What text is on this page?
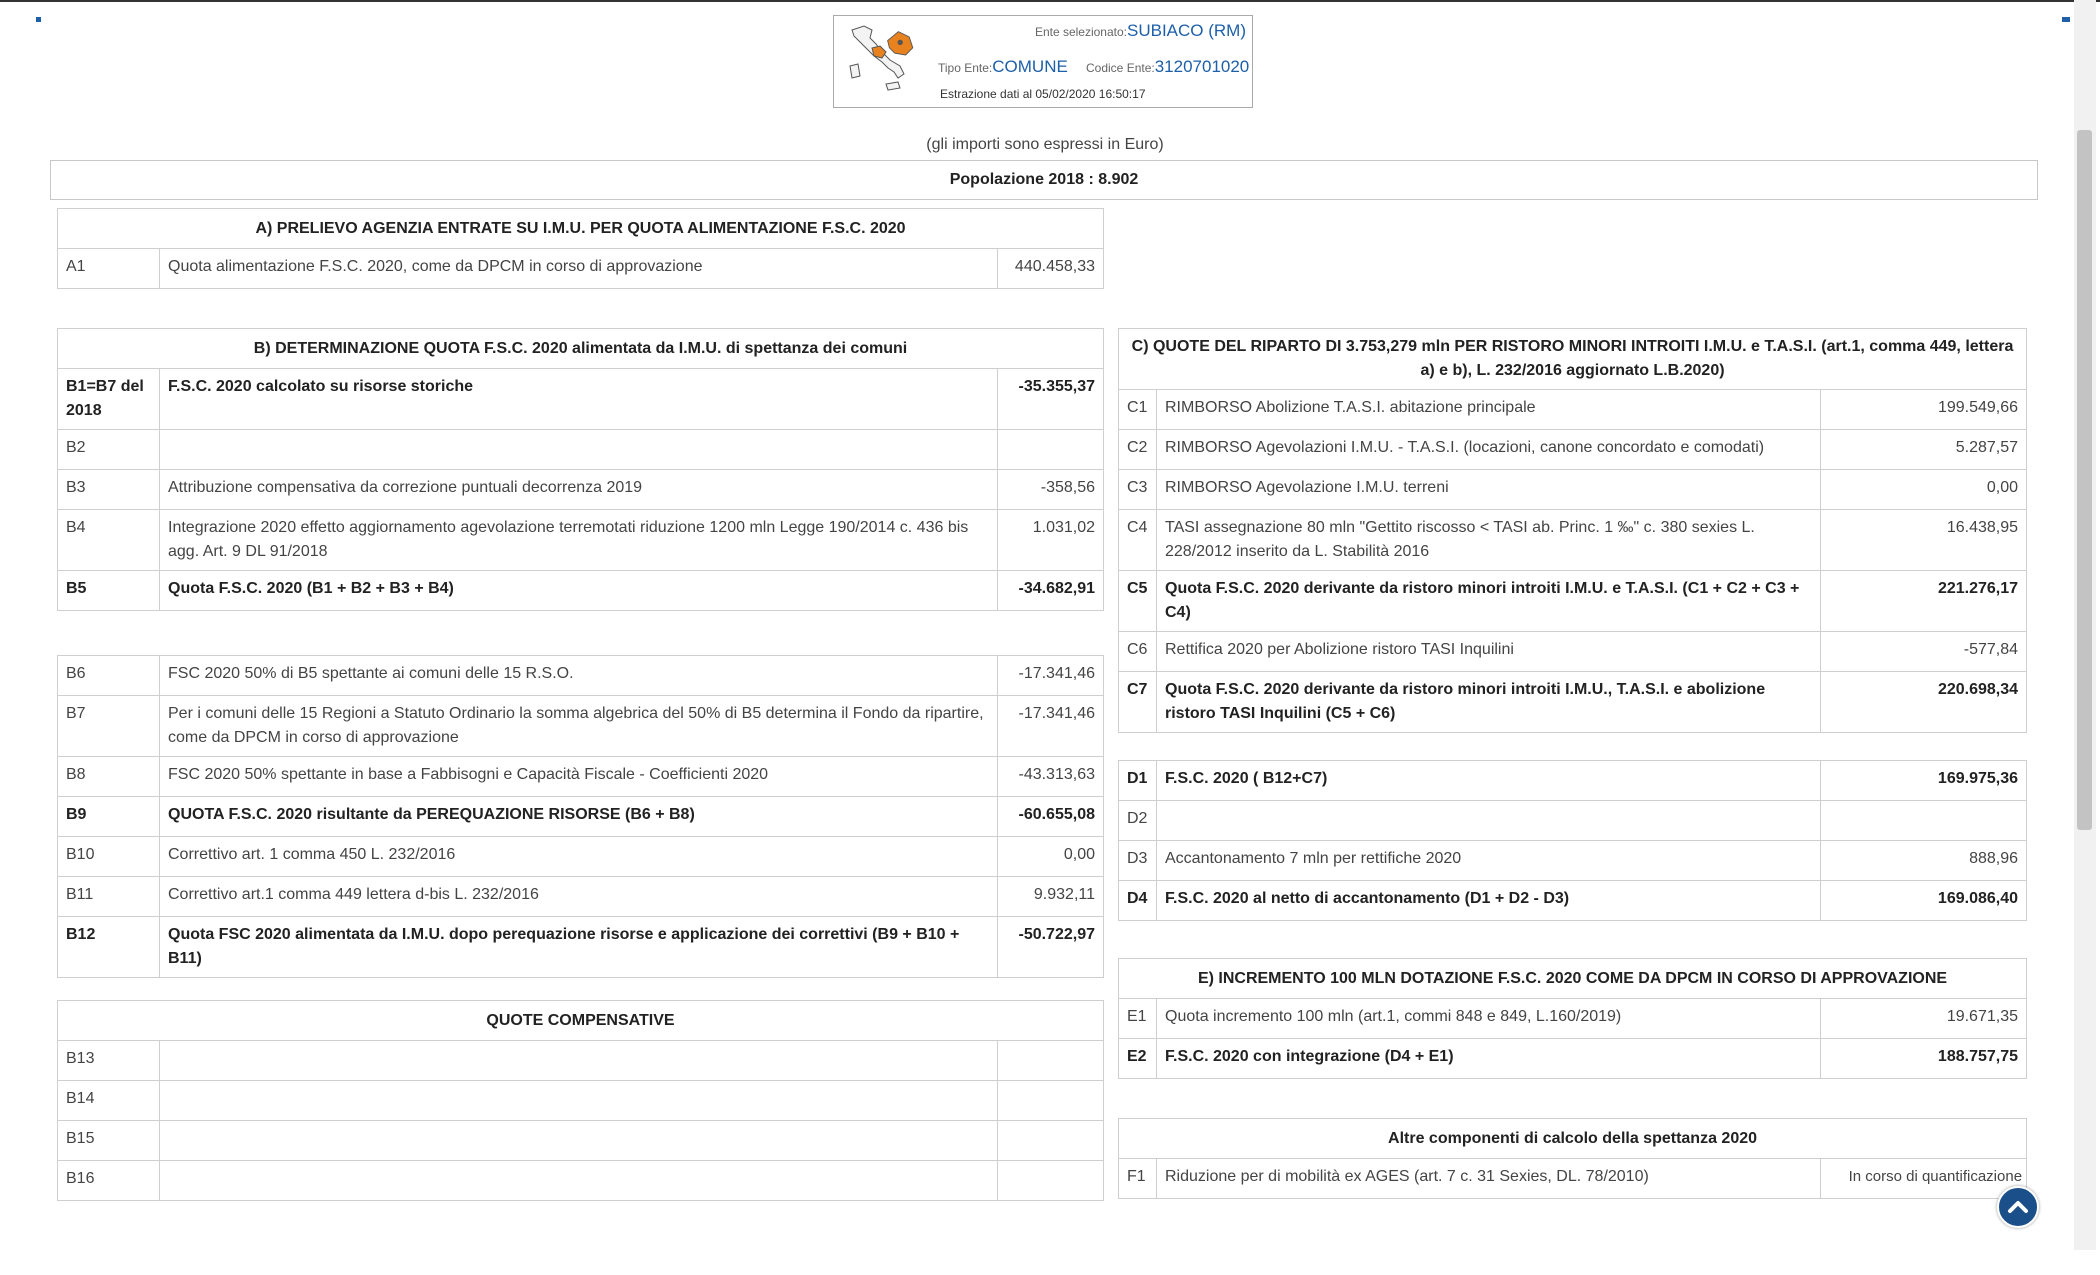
Ente selezionato:SUBIACO (RM)
Tipo Ente:COMUNE Codice Ente:3120701020
Estrazione dati al 05/02/2020 16:50:17
(gli importi sono espressi in Euro)
Popolazione 2018 : 8.902
A) PRELIEVO AGENZIA ENTRATE SU I.M.U. PER QUOTA ALIMENTAZIONE F.S.C. 2020
A1	Quota alimentazione F.S.C. 2020, come da DPCM in corso di approvazione	440.458,33
B) DETERMINAZIONE QUOTA F.S.C. 2020 alimentata da I.M.U. di spettanza dei comuni		
B1=B7 del 2018	F.S.C. 2020 calcolato su risorse storiche	-35.355,37
B2		
B3	Attribuzione compensativa da correzione puntuali decorrenza 2019	-358,56
B4	Integrazione 2020 effetto aggiornamento agevolazione terremotati riduzione 1200 mln Legge 190/2014 c. 436 bis agg. Art. 9 DL 91/2018	1.031,02
B5	Quota F.S.C. 2020 (B1 + B2 + B3 + B4)	-34.682,91
B6	FSC 2020 50% di B5 spettante ai comuni delle 15 R.S.O.	-17.341,46
B7	Per i comuni delle 15 Regioni a Statuto Ordinario la somma algebrica del 50% di B5 determina il Fondo da ripartire, come da DPCM in corso di approvazione	-17.341,46
B8	FSC 2020 50% spettante in base a Fabbisogni e Capacità Fiscale - Coefficienti 2020	-43.313,63
B9	QUOTA F.S.C. 2020 risultante da PEREQUAZIONE RISORSE (B6 + B8)	-60.655,08
B10	Correttivo art. 1 comma 450 L. 232/2016	0,00
B11	Correttivo art.1 comma 449 lettera d-bis L. 232/2016	9.932,11
B12	Quota FSC 2020 alimentata da I.M.U. dopo perequazione risorse e applicazione dei correttivi (B9 + B10 + B11)	-50.722,97
QUOTE COMPENSATIVE		
B13		
B14		
B15		
B16		
C) QUOTE DEL RIPARTO DI 3.753,279 mln PER RISTORO MINORI INTROITI I.M.U. e T.A.S.I. (art.1, comma 449, lettera a) e b), L. 232/2016 aggiornato L.B.2020)		
C1	RIMBORSO Abolizione T.A.S.I. abitazione principale	199.549,66
C2	RIMBORSO Agevolazioni I.M.U. - T.A.S.I. (locazioni, canone concordato e comodati)	5.287,57
C3	RIMBORSO Agevolazione I.M.U. terreni	0,00
C4	TASI assegnazione 80 mln "Gettito riscosso < TASI ab. Princ. 1 ‰" c. 380 sexies L. 228/2012 inserito da L. Stabilità 2016	16.438,95
C5	Quota F.S.C. 2020 derivante da ristoro minori introiti I.M.U. e T.A.S.I. (C1 + C2 + C3 + C4)	221.276,17
C6	Rettifica 2020 per Abolizione ristoro TASI Inquilini	-577,84
C7	Quota F.S.C. 2020 derivante da ristoro minori introiti I.M.U., T.A.S.I. e abolizione ristoro TASI Inquilini (C5 + C6)	220.698,34
D1	F.S.C. 2020 ( B12+C7)	169.975,36
D2		
D3	Accantonamento 7 mln per rettifiche 2020	888,96
D4	F.S.C. 2020 al netto di accantonamento (D1 + D2 - D3)	169.086,40
E) INCREMENTO 100 MLN DOTAZIONE F.S.C. 2020 COME DA DPCM IN CORSO DI APPROVAZIONE		
E1	Quota incremento 100 mln (art.1, commi 848 e 849, L.160/2019)	19.671,35
E2	F.S.C. 2020 con integrazione (D4 + E1)	188.757,75
Altre componenti di calcolo della spettanza 2020
F1	Riduzione per di mobilità ex AGES (art. 7 c. 31 Sexies, DL. 78/2010)	In corso di quantificazione
